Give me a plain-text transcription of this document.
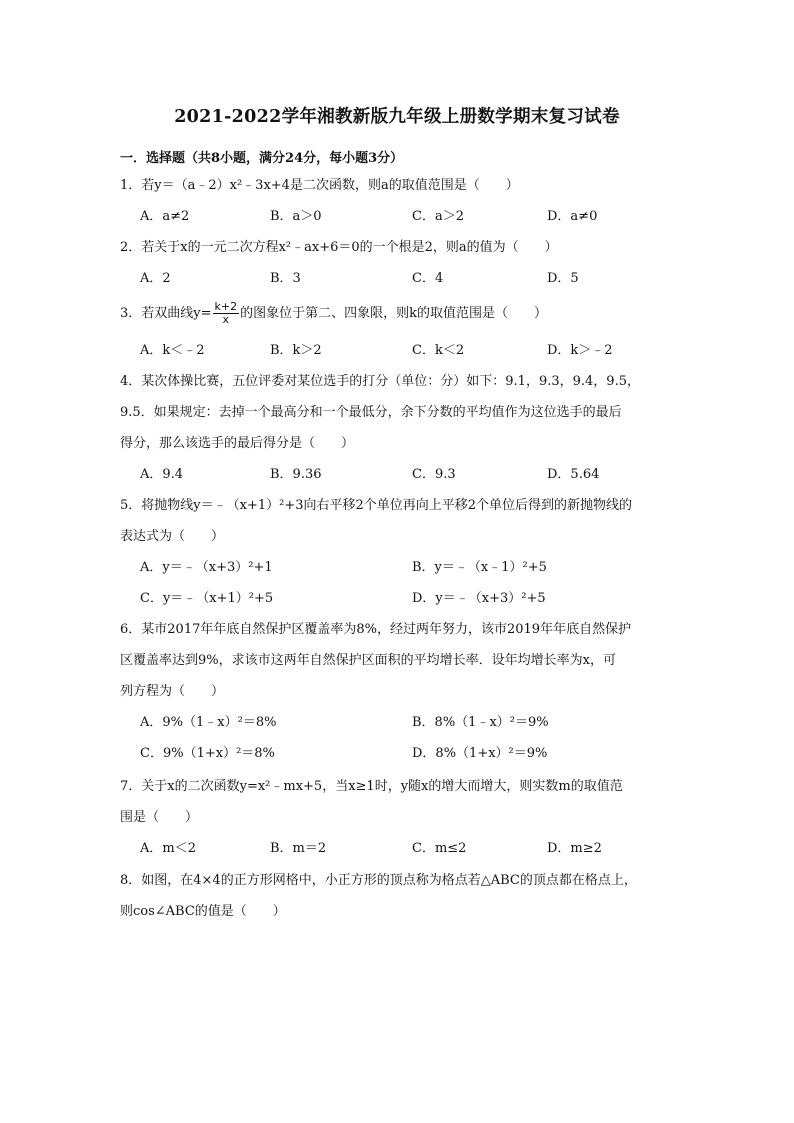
2021-2022学年湘教新版九年级上册数学期末复习试卷
一．选择题（共8小题，满分24分，每小题3分）
1．若y＝（a﹣2）x²﹣3x+4是二次函数，则a的取值范围是（　　）
A．a≠2	B．a＞0	C．a＞2	D．a≠0
2．若关于x的一元二次方程x²﹣ax+6＝0的一个根是2，则a的值为（　　）
A．2	B．3	C．4	D．5
3．若双曲线$y= \frac{k+2}{x}$ 的图象位于第二、四象限，则k的取值范围是（　　）
A．k＜﹣2	B．k＞2	C．k＜2	D．k＞﹣2
4．某次体操比赛，五位评委对某位选手的打分（单位：分）如下：9.1，9.3，9.4，9.5，
9.5．如果规定：去掉一个最高分和一个最低分，余下分数的平均值作为这位选手的最后
得分，那么该选手的最后得分是（　　）
A．9.4	B．9.36	C．9.3	D．5.64
5．将抛物线y＝﹣（x+1）²+3向右平移2个单位再向上平移2个单位后得到的新抛物线的
表达式为（　　）
A．y＝﹣（x+3）²+1	B．y＝﹣（x﹣1）²+5
C．y＝﹣（x+1）²+5	D．y＝﹣（x+3）²+5
6．某市2017年年底自然保护区覆盖率为8%，经过两年努力，该市2019年年底自然保护
区覆盖率达到9%，求该市这两年自然保护区面积的平均增长率．设年均增长率为x，可
列方程为（　　）
A．9%（1﹣x）²＝8%	B．8%（1﹣x）²＝9%
C．9%（1+x）²＝8%	D．8%（1+x）²＝9%
7．关于x的二次函数y=x²﹣mx+5，当x≥1时，y随x的增大而增大，则实数m的取值范
围是（　　）
A．m＜2	B．m＝2	C．m≤2	D．m≥2
8．如图，在4×4的正方形网格中，小正方形的顶点称为格点若△ABC的顶点都在格点上，
则cos∠ABC的值是（　　）
